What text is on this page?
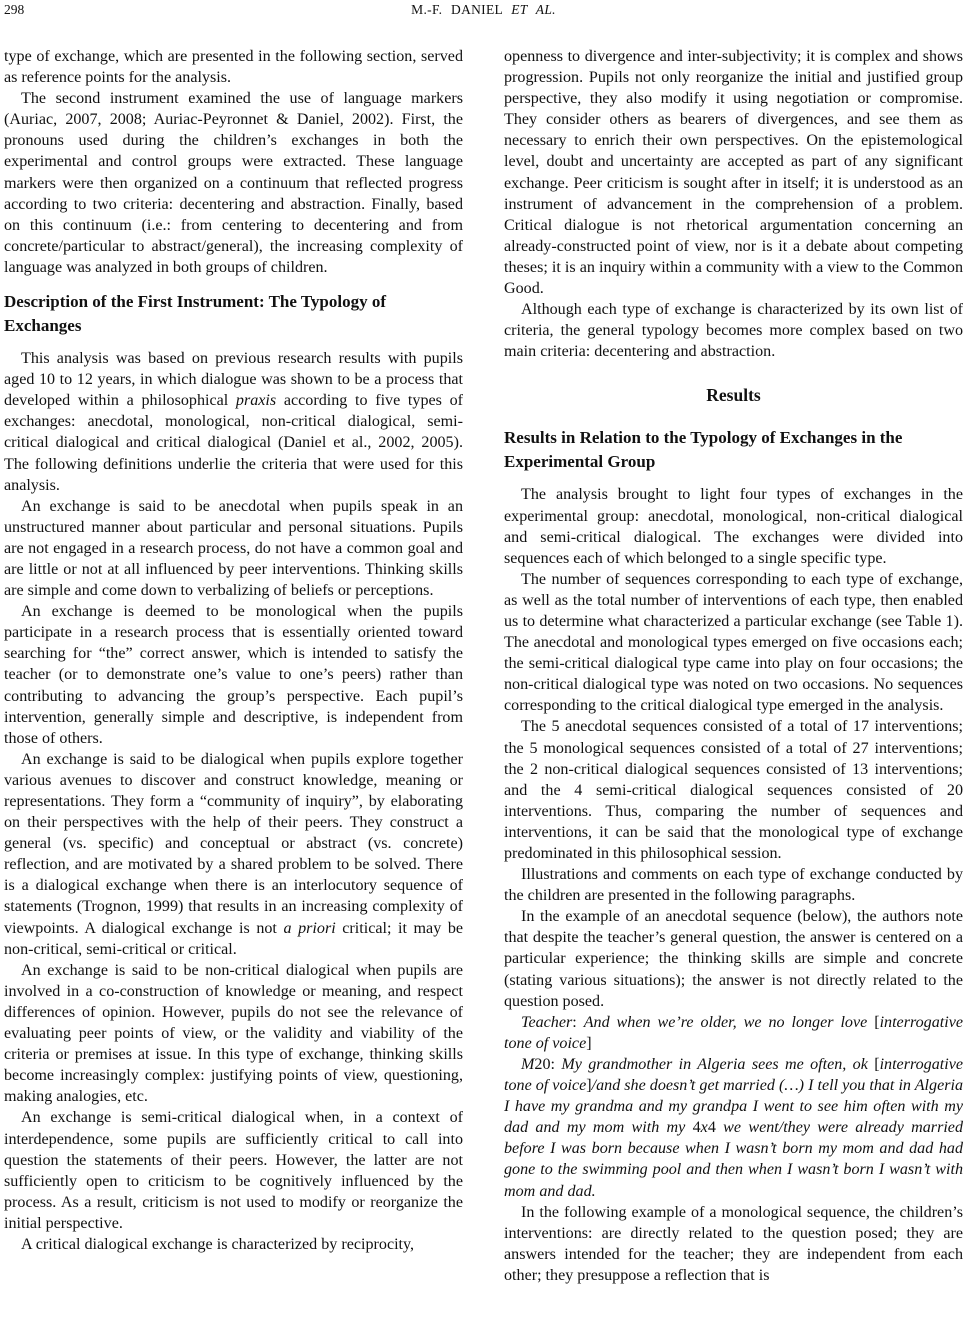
298	M.-F. DANIEL ET AL.

type of exchange, which are presented in the following section, served as reference points for the analysis.

The second instrument examined the use of language markers (Auriac, 2007, 2008; Auriac-Peyronnet & Daniel, 2002). First, the pronouns used during the children’s exchanges in both the experimental and control groups were extracted. These language markers were then organized on a continuum that reflected progress according to two criteria: decentering and abstraction. Finally, based on this continuum (i.e.: from centering to decentering and from concrete/particular to abstract/general), the increasing complexity of language was analyzed in both groups of children.

Description of the First Instrument: The Typology of Exchanges

This analysis was based on previous research results with pupils aged 10 to 12 years, in which dialogue was shown to be a process that developed within a philosophical praxis according to five types of exchanges: anecdotal, monological, non-critical dialogical, semi-critical dialogical and critical dialogical (Daniel et al., 2002, 2005). The following definitions underlie the criteria that were used for this analysis.

An exchange is said to be anecdotal when pupils speak in an unstructured manner about particular and personal situations. Pupils are not engaged in a research process, do not have a common goal and are little or not at all influenced by peer interventions. Thinking skills are simple and come down to verbalizing of beliefs or perceptions.

An exchange is deemed to be monological when the pupils participate in a research process that is essentially oriented toward searching for “the” correct answer, which is intended to satisfy the teacher (or to demonstrate one’s value to one’s peers) rather than contributing to advancing the group’s perspective. Each pupil’s intervention, generally simple and descriptive, is independent from those of others.

An exchange is said to be dialogical when pupils explore together various avenues to discover and construct knowledge, meaning or representations. They form a “community of inquiry”, by elaborating on their perspectives with the help of their peers. They construct a general (vs. specific) and conceptual or abstract (vs. concrete) reflection, and are motivated by a shared problem to be solved. There is a dialogical exchange when there is an interlocutory sequence of statements (Trognon, 1999) that results in an increasing complexity of viewpoints. A dialogical exchange is not a priori critical; it may be non-critical, semi-critical or critical.

An exchange is said to be non-critical dialogical when pupils are involved in a co-construction of knowledge or meaning, and respect differences of opinion. However, pupils do not see the relevance of evaluating peer points of view, or the validity and viability of the criteria or premises at issue. In this type of exchange, thinking skills become increasingly complex: justifying points of view, questioning, making analogies, etc.

An exchange is semi-critical dialogical when, in a context of interdependence, some pupils are sufficiently critical to call into question the statements of their peers. However, the latter are not sufficiently open to criticism to be cognitively influenced by the process. As a result, criticism is not used to modify or reorganize the initial perspective.

A critical dialogical exchange is characterized by reciprocity,

openness to divergence and inter-subjectivity; it is complex and shows progression. Pupils not only reorganize the initial and justified group perspective, they also modify it using negotiation or compromise. They consider others as bearers of divergences, and see them as necessary to enrich their own perspectives. On the epistemological level, doubt and uncertainty are accepted as part of any significant exchange. Peer criticism is sought after in itself; it is understood as an instrument of advancement in the comprehension of a problem. Critical dialogue is not rhetorical argumentation concerning an already-constructed point of view, nor is it a debate about competing theses; it is an inquiry within a community with a view to the Common Good.

Although each type of exchange is characterized by its own list of criteria, the general typology becomes more complex based on two main criteria: decentering and abstraction.

Results
Results in Relation to the Typology of Exchanges in the Experimental Group

The analysis brought to light four types of exchanges in the experimental group: anecdotal, monological, non-critical dialogical and semi-critical dialogical. The exchanges were divided into sequences each of which belonged to a single specific type.

The number of sequences corresponding to each type of exchange, as well as the total number of interventions of each type, then enabled us to determine what characterized a particular exchange (see Table 1). The anecdotal and monological types emerged on five occasions each; the semi-critical dialogical type came into play on four occasions; the non-critical dialogical type was noted on two occasions. No sequences corresponding to the critical dialogical type emerged in the analysis.

The 5 anecdotal sequences consisted of a total of 17 interventions; the 5 monological sequences consisted of a total of 27 interventions; the 2 non-critical dialogical sequences consisted of 13 interventions; and the 4 semi-critical dialogical sequences consisted of 20 interventions. Thus, comparing the number of sequences and interventions, it can be said that the monological type of exchange predominated in this philosophical session.

Illustrations and comments on each type of exchange conducted by the children are presented in the following paragraphs.

In the example of an anecdotal sequence (below), the authors note that despite the teacher’s general question, the answer is centered on a particular experience; the thinking skills are simple and concrete (stating various situations); the answer is not directly related to the question posed.

Teacher: And when we’re older, we no longer love [interrogative tone of voice]

M20: My grandmother in Algeria sees me often, ok [interrogative tone of voice]/and she doesn’t get married (…) I tell you that in Algeria I have my grandma and my grandpa I went to see him often with my dad and my mom with my 4x4 we went/they were already married before I was born because when I wasn’t born my mom and dad had gone to the swimming pool and then when I wasn’t born I wasn’t with mom and dad.

In the following example of a monological sequence, the children’s interventions: are directly related to the question posed; they are answers intended for the teacher; they are independent from each other; they presuppose a reflection that is
